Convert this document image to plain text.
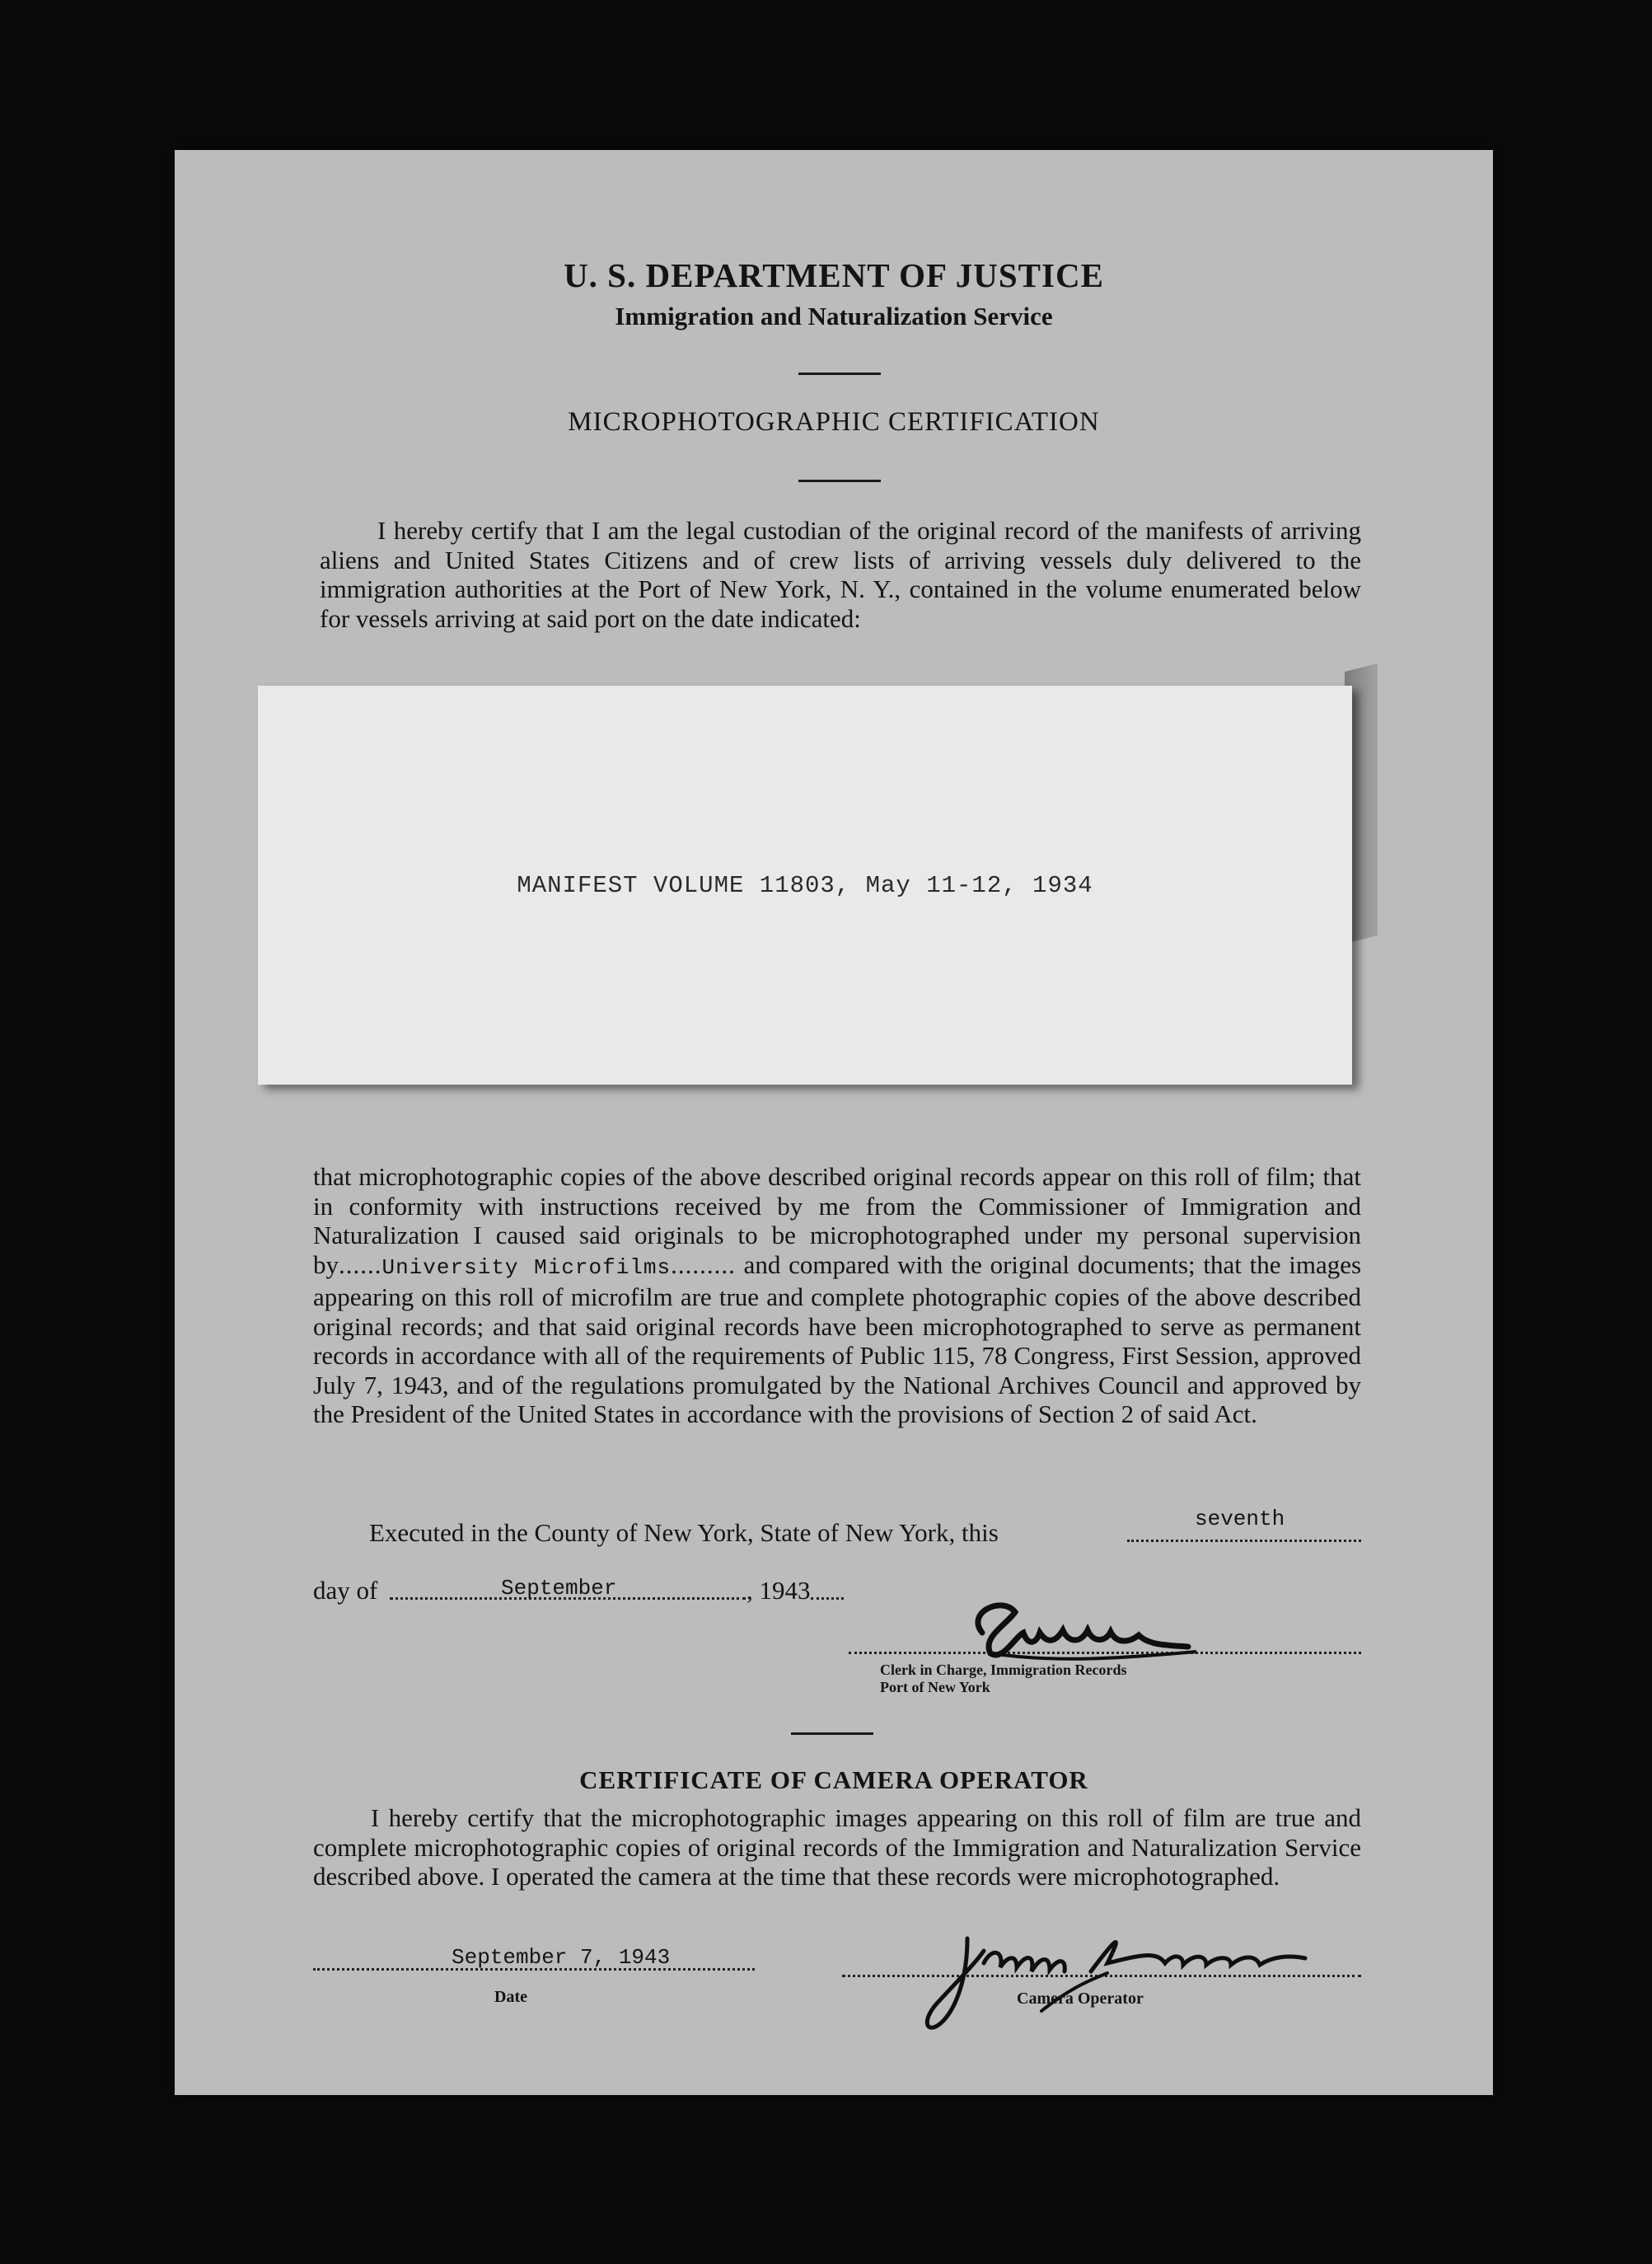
U. S. DEPARTMENT OF JUSTICE
Immigration and Naturalization Service
MICROPHOTOGRAPHIC CERTIFICATION
I hereby certify that I am the legal custodian of the original record of the manifests of arriving aliens and United States Citizens and of crew lists of arriving vessels duly delivered to the immigration authorities at the Port of New York, N. Y., contained in the volume enumerated below for vessels arriving at said port on the date indicated:
MANIFEST VOLUME 11803, May 11-12, 1934
that microphotographic copies of the above described original records appear on this roll of film; that in conformity with instructions received by me from the Commissioner of Immigration and Naturalization I caused said originals to be microphotographed under my personal supervision by......University Microfilms......... and compared with the original documents; that the images appearing on this roll of microfilm are true and complete photographic copies of the above described original records; and that said original records have been microphotographed to serve as permanent records in accordance with all of the requirements of Public 115, 78 Congress, First Session, approved July 7, 1943, and of the regulations promulgated by the National Archives Council and approved by the President of the United States in accordance with the provisions of Section 2 of said Act.
Executed in the County of New York, State of New York, this	seventh
day of	September	, 1943
Clerk in Charge, Immigration Records
Port of New York
CERTIFICATE OF CAMERA OPERATOR
I hereby certify that the microphotographic images appearing on this roll of film are true and complete microphotographic copies of original records of the Immigration and Naturalization Service described above. I operated the camera at the time that these records were microphotographed.
September 7, 1943
Date	Camera Operator
